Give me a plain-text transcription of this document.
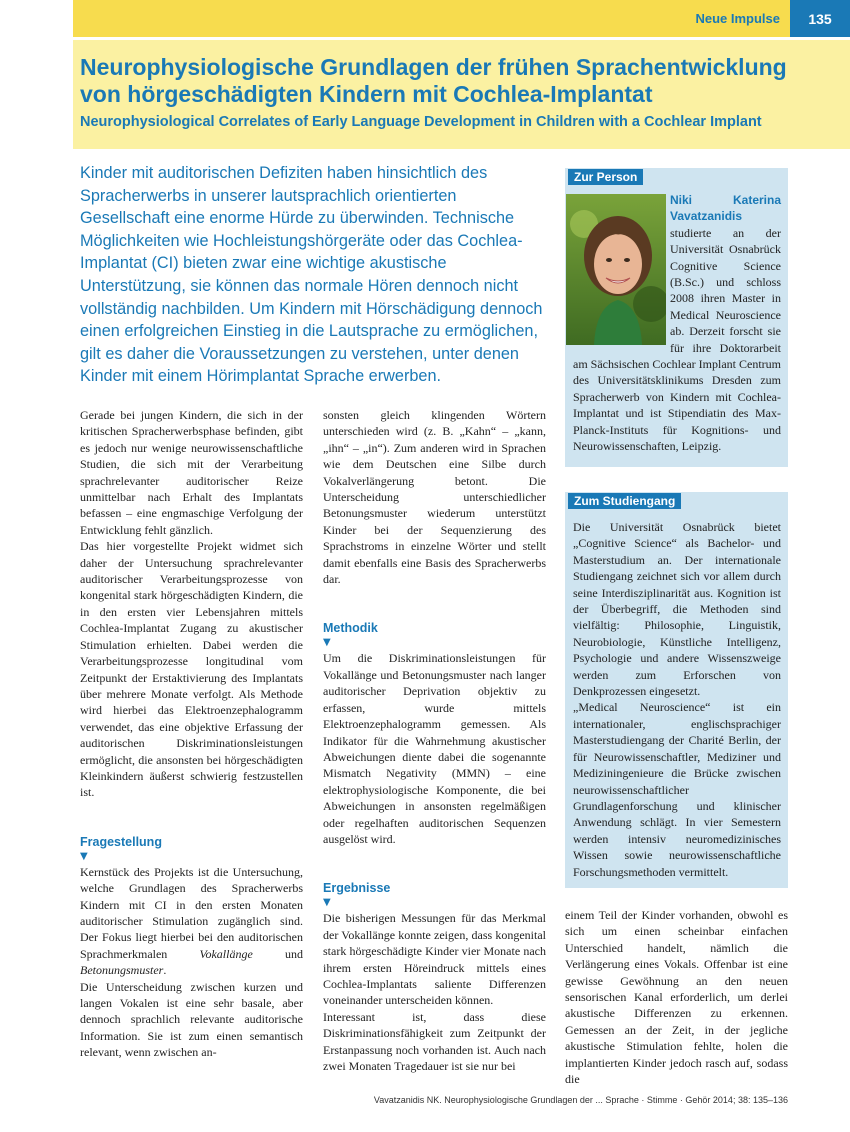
Neue Impulse	135
Neurophysiologische Grundlagen der frühen Sprachentwicklung von hörgeschädigten Kindern mit Cochlea-Implantat
Neurophysiological Correlates of Early Language Development in Children with a Cochlear Implant

Kinder mit auditorischen Defiziten haben hinsichtlich des Spracherwerbs in unserer lautsprachlich orientierten Gesellschaft eine enorme Hürde zu überwinden. Technische Möglichkeiten wie Hochleistungshörgeräte oder das Cochlea-Implantat (CI) bieten zwar eine wichtige akustische Unterstützung, sie können das normale Hören dennoch nicht vollständig nachbilden. Um Kindern mit Hörschädigung dennoch einen erfolgreichen Einstieg in die Lautsprache zu ermöglichen, gilt es daher die Voraussetzungen zu verstehen, unter denen Kinder mit einem Hörimplantat Sprache erwerben.

Gerade bei jungen Kindern, die sich in der kritischen Spracherwerbsphase befinden, gibt es jedoch nur wenige neurowissenschaftliche Studien, die sich mit der Verarbeitung sprachrelevanter auditorischer Reize unmittelbar nach Erhalt des Implantats befassen – eine engmaschige Verfolgung der Entwicklung fehlt gänzlich.

Das hier vorgestellte Projekt widmet sich daher der Untersuchung sprachrelevanter auditorischer Verarbeitungsprozesse von kongenital stark hörgeschädigten Kindern, die in den ersten vier Lebensjahren mittels Cochlea-Implantat Zugang zu akustischer Stimulation erhielten. Dabei werden die Verarbeitungsprozesse longitudinal vom Zeitpunkt der Erstaktivierung des Implantats über mehrere Monate verfolgt. Als Methode wird hierbei das Elektroenzephalogramm verwendet, das eine objektive Erfassung der auditorischen Diskriminationsleistungen ermöglicht, die ansonsten bei hörgeschädigten Kleinkindern äußerst schwierig festzustellen ist.

Fragestellung
▼

Kernstück des Projekts ist die Untersuchung, welche Grundlagen des Spracherwerbs Kindern mit CI in den ersten Monaten auditorischer Stimulation zugänglich sind. Der Fokus liegt hierbei bei den auditorischen Sprachmerkmalen Vokallänge und Betonungsmuster.

Die Unterscheidung zwischen kurzen und langen Vokalen ist eine sehr basale, aber dennoch sprachlich relevante auditorische Information. Sie ist zum einen semantisch relevant, wenn zwischen an-

sonsten gleich klingenden Wörtern unterschieden wird (z. B. „Kahn“ – „kann, „ihn“ – „in“). Zum anderen wird in Sprachen wie dem Deutschen eine Silbe durch Vokalverlängerung betont. Die Unterscheidung unterschiedlicher Betonungsmuster wiederum unterstützt Kinder bei der Sequenzierung des Sprachstroms in einzelne Wörter und stellt damit ebenfalls eine Basis des Spracherwerbs dar.

Methodik
▼

Um die Diskriminationsleistungen für Vokallänge und Betonungsmuster nach langer auditorischer Deprivation objektiv zu erfassen, wurde mittels Elektroenzephalogramm gemessen. Als Indikator für die Wahrnehmung akustischer Abweichungen diente dabei die sogenannte Mismatch Negativity (MMN) – eine elektrophysiologische Komponente, die bei Abweichungen in ansonsten regelmäßigen oder regelhaften auditorischen Sequenzen ausgelöst wird.

Ergebnisse
▼

Die bisherigen Messungen für das Merkmal der Vokallänge konnte zeigen, dass kongenital stark hörgeschädigte Kinder vier Monate nach ihrem ersten Höreindruck mittels eines Cochlea-Implantats saliente Differenzen voneinander unterscheiden können.

Interessant ist, dass diese Diskriminationsfähigkeit zum Zeitpunkt der Erstanpassung noch vorhanden ist. Auch nach zwei Monaten Tragedauer ist sie nur bei

Zur Person
Niki Katerina Vavatzanidis studierte an der Universität Osnabrück Cognitive Science (B.Sc.) und schloss 2008 ihren Master in Medical Neuroscience ab. Derzeit forscht sie für ihre Doktorarbeit am Sächsischen Cochlear Implant Centrum des Universitätsklinikums Dresden zum Spracherwerb von Kindern mit Cochlea-Implantat und ist Stipendiatin des Max-Planck-Instituts für Kognitions- und Neurowissenschaften, Leipzig.
Zum Studiengang

Die Universität Osnabrück bietet „Cognitive Science“ als Bachelor- und Masterstudium an. Der internationale Studiengang zeichnet sich vor allem durch seine Interdisziplinarität aus. Kognition ist der Überbegriff, die Methoden sind vielfältig: Philosophie, Linguistik, Neurobiologie, Künstliche Intelligenz, Psychologie und andere Wissenszweige werden zum Erforschen von Denkprozessen eingesetzt.

„Medical Neuroscience“ ist ein internationaler, englischsprachiger Masterstudiengang der Charité Berlin, der für Neurowissenschaftler, Mediziner und Mediziningenieure die Brücke zwischen neurowissenschaftlicher Grundlagenforschung und klinischer Anwendung schlägt. In vier Semestern werden intensiv neuromedizinisches Wissen sowie neurowissenschaftliche Forschungsmethoden vermittelt.

einem Teil der Kinder vorhanden, obwohl es sich um einen scheinbar einfachen Unterschied handelt, nämlich die Verlängerung eines Vokals. Offenbar ist eine gewisse Gewöhnung an den neuen sensorischen Kanal erforderlich, um derlei akustische Differenzen zu erkennen. Gemessen an der Zeit, in der jegliche akustische Stimulation fehlte, holen die implantierten Kinder jedoch rasch auf, sodass die

Vavatzanidis NK. Neurophysiologische Grundlagen der ... Sprache · Stimme · Gehör 2014; 38: 135–136
